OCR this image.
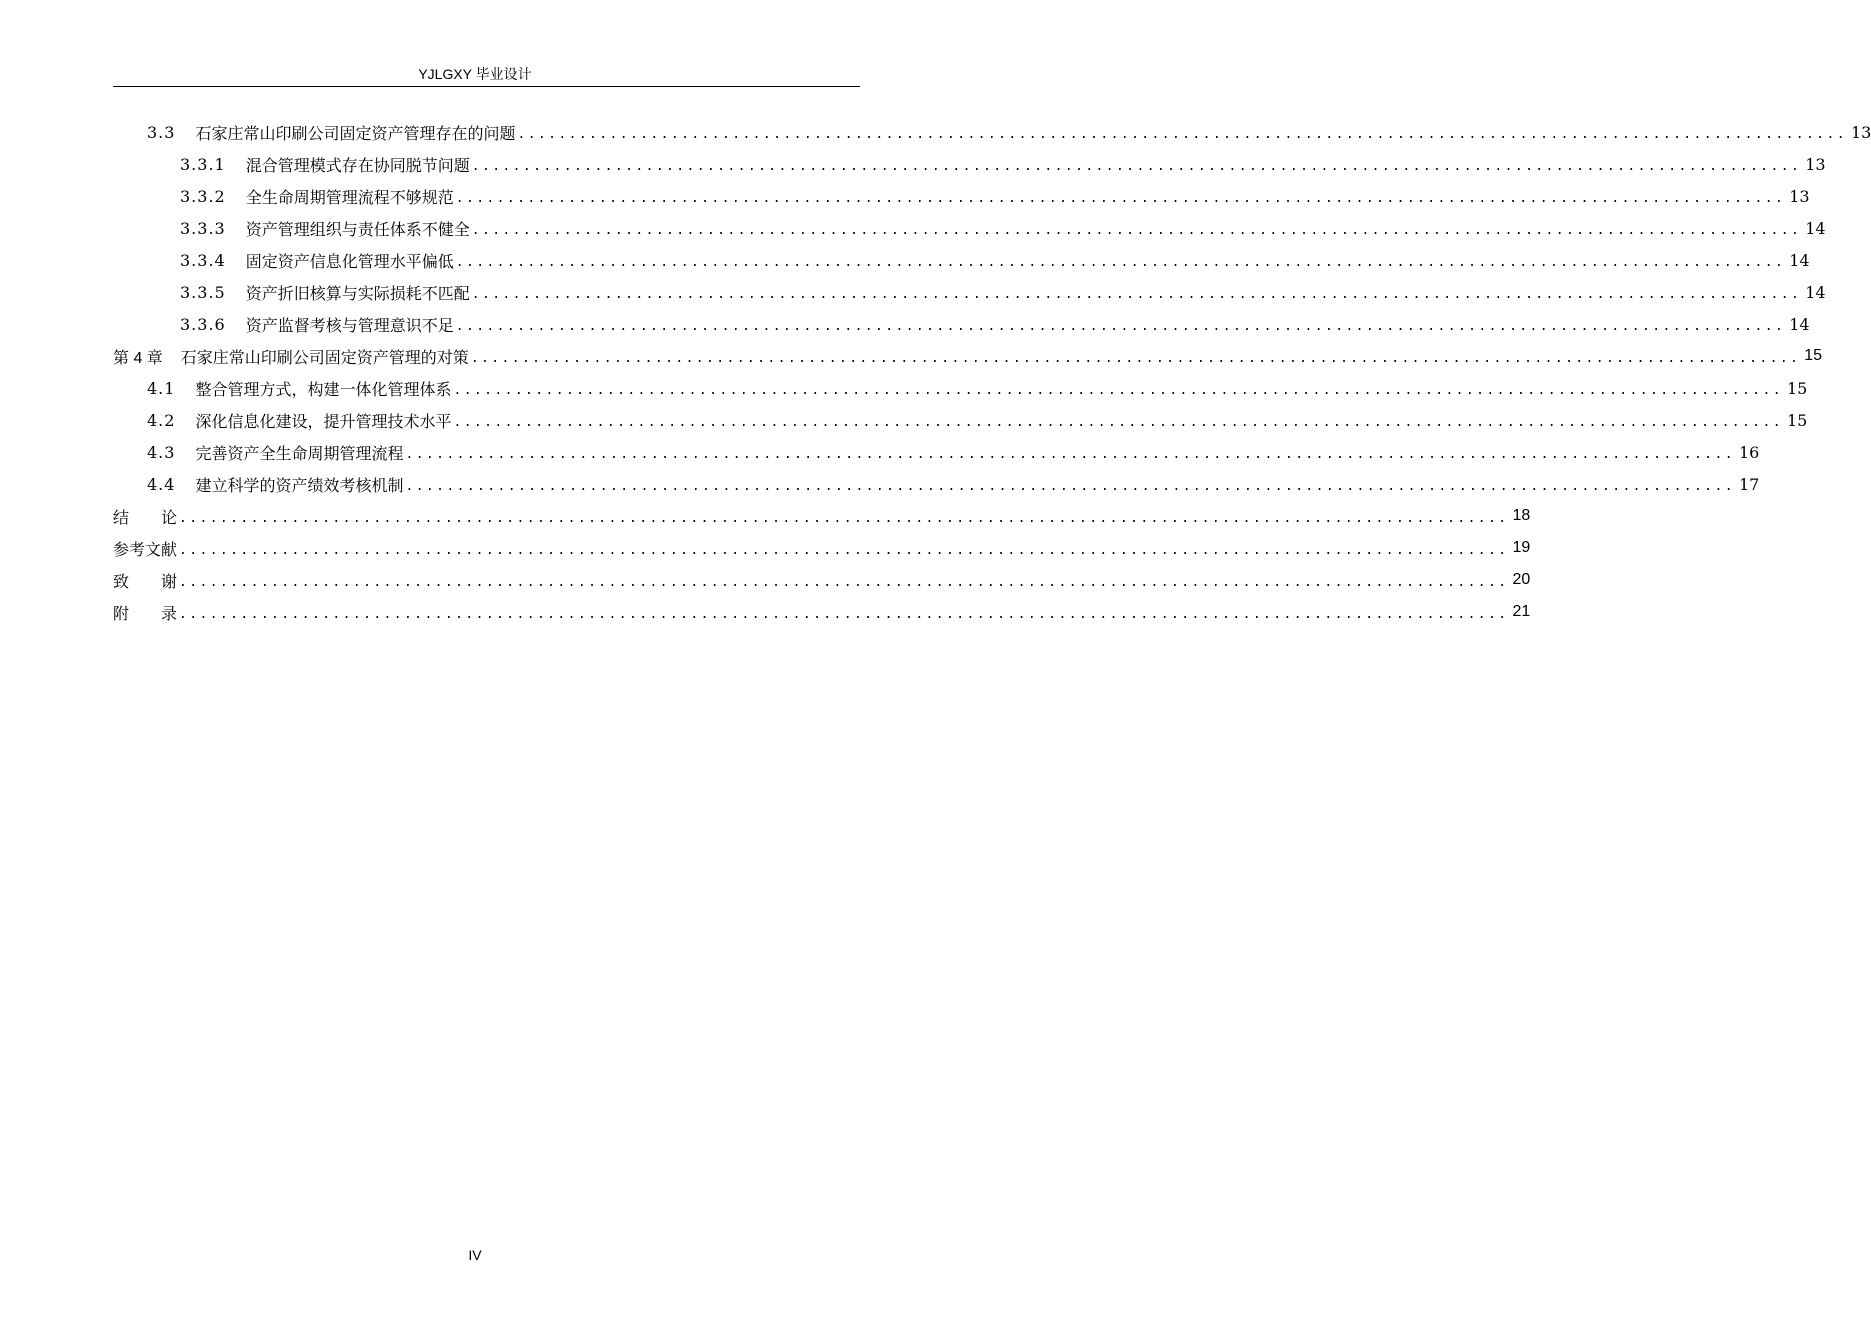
YJLGXY 毕业设计
3.3 石家庄常山印刷公司固定资产管理存在的问题 .................................................................................................................................. 13
3.3.1 混合管理模式存在协同脱节问题 .................................................................................................................................. 13
3.3.2 全生命周期管理流程不够规范 .................................................................................................................................. 13
3.3.3 资产管理组织与责任体系不健全 .................................................................................................................................. 14
3.3.4 固定资产信息化管理水平偏低 .................................................................................................................................. 14
3.3.5 资产折旧核算与实际损耗不匹配 .................................................................................................................................. 14
3.3.6 资产监督考核与管理意识不足 .................................................................................................................................. 14
第 4 章 石家庄常山印刷公司固定资产管理的对策 .................................................................................................................................. 15
4.1 整合管理方式，构建一体化管理体系 .................................................................................................................................. 15
4.2 深化信息化建设，提升管理技术水平 .................................................................................................................................. 15
4.3 完善资产全生命周期管理流程 .................................................................................................................................. 16
4.4 建立科学的资产绩效考核机制 .................................................................................................................................. 17
结　　论 .................................................................................................................................. 18
参考文献 .................................................................................................................................. 19
致　　谢 .................................................................................................................................. 20
附　　录 .................................................................................................................................. 21
IV
